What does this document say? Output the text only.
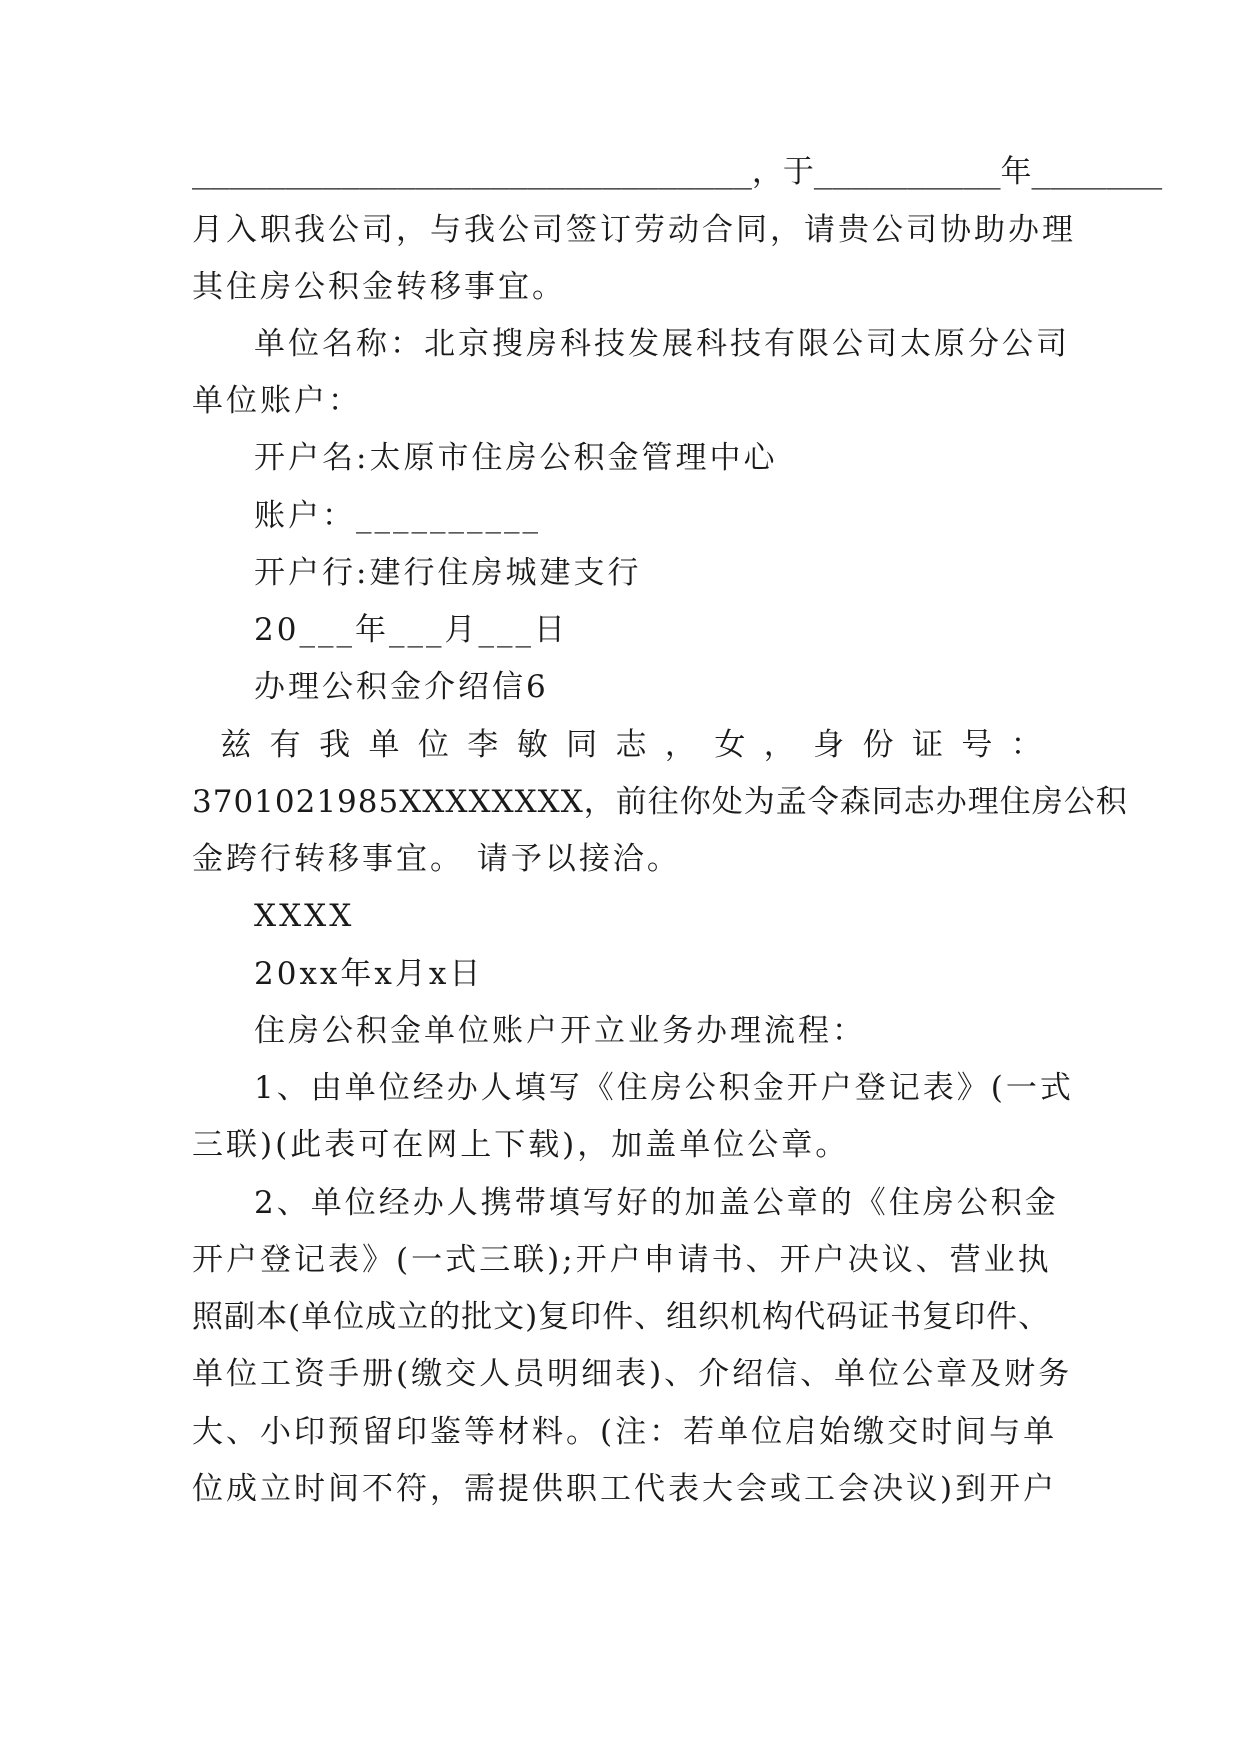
______________________________，于__________年_______
月入职我公司，与我公司签订劳动合同，请贵公司协助办理
其住房公积金转移事宜。
单位名称：北京搜房科技发展科技有限公司太原分公司
单位账户：
开户名:太原市住房公积金管理中心
账户：__________
开户行:建行住房城建支行
20___年___月___日
办理公积金介绍信6

兹 有 我 单 位 李 敏 同 志 ， 女 ， 身 份 证 号 ：
3701021985XXXXXXXX，前往你处为孟令森同志办理住房公积
金跨行转移事宜。 请予以接洽。
XXXX
20xx年x月x日
住房公积金单位账户开立业务办理流程：
1、由单位经办人填写《住房公积金开户登记表》(一式
三联)(此表可在网上下载)，加盖单位公章。
2、单位经办人携带填写好的加盖公章的《住房公积金
开户登记表》(一式三联);开户申请书、开户决议、营业执
照副本(单位成立的批文)复印件、组织机构代码证书复印件、
单位工资手册(缴交人员明细表)、介绍信、单位公章及财务
大、小印预留印鉴等材料。(注：若单位启始缴交时间与单
位成立时间不符，需提供职工代表大会或工会决议)到开户
